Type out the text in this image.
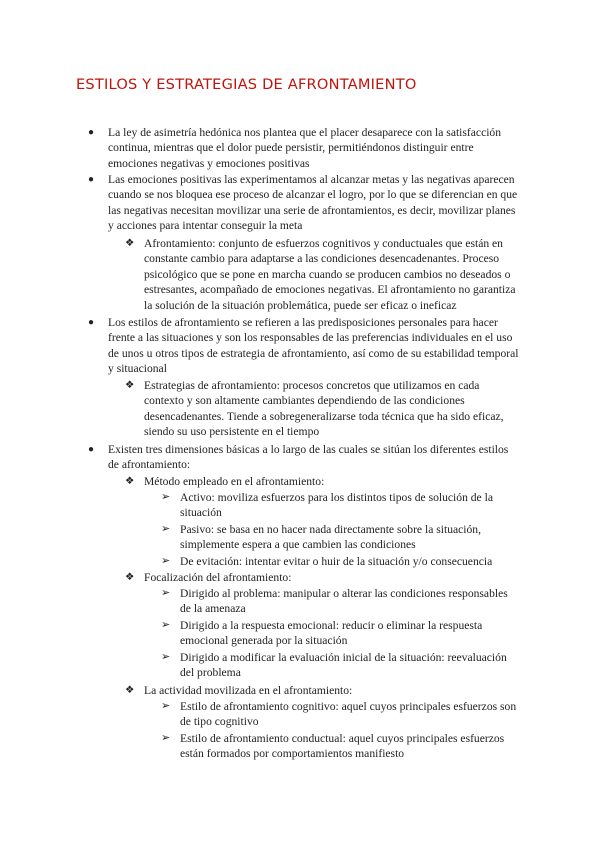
ESTILOS Y ESTRATEGIAS DE AFRONTAMIENTO
● La ley de asimetría hedónica nos plantea que el placer desaparece con la satisfacción continua, mientras que el dolor puede persistir, permitiéndonos distinguir entre emociones negativas y emociones positivas
● Las emociones positivas las experimentamos al alcanzar metas y las negativas aparecen cuando se nos bloquea ese proceso de alcanzar el logro, por lo que se diferencian en que las negativas necesitan movilizar una serie de afrontamientos, es decir, movilizar planes y acciones para intentar conseguir la meta
❖ Afrontamiento: conjunto de esfuerzos cognitivos y conductuales que están en constante cambio para adaptarse a las condiciones desencadenantes. Proceso psicológico que se pone en marcha cuando se producen cambios no deseados o estresantes, acompañado de emociones negativas. El afrontamiento no garantiza la solución de la situación problemática, puede ser eficaz o ineficaz
● Los estilos de afrontamiento se refieren a las predisposiciones personales para hacer frente a las situaciones y son los responsables de las preferencias individuales en el uso de unos u otros tipos de estrategia de afrontamiento, así como de su estabilidad temporal y situacional
❖ Estrategias de afrontamiento: procesos concretos que utilizamos en cada contexto y son altamente cambiantes dependiendo de las condiciones desencadenantes. Tiende a sobregeneralizarse toda técnica que ha sido eficaz, siendo su uso persistente en el tiempo
● Existen tres dimensiones básicas a lo largo de las cuales se sitúan los diferentes estilos de afrontamiento:
❖ Método empleado en el afrontamiento:
➢ Activo: moviliza esfuerzos para los distintos tipos de solución de la situación
➢ Pasivo: se basa en no hacer nada directamente sobre la situación, simplemente espera a que cambien las condiciones
➢ De evitación: intentar evitar o huir de la situación y/o consecuencia
❖ Focalización del afrontamiento:
➢ Dirigido al problema: manipular o alterar las condiciones responsables de la amenaza
➢ Dirigido a la respuesta emocional: reducir o eliminar la respuesta emocional generada por la situación
➢ Dirigido a modificar la evaluación inicial de la situación: reevaluación del problema
❖ La actividad movilizada en el afrontamiento:
➢ Estilo de afrontamiento cognitivo: aquel cuyos principales esfuerzos son de tipo cognitivo
➢ Estilo de afrontamiento conductual: aquel cuyos principales esfuerzos están formados por comportamientos manifiesto
